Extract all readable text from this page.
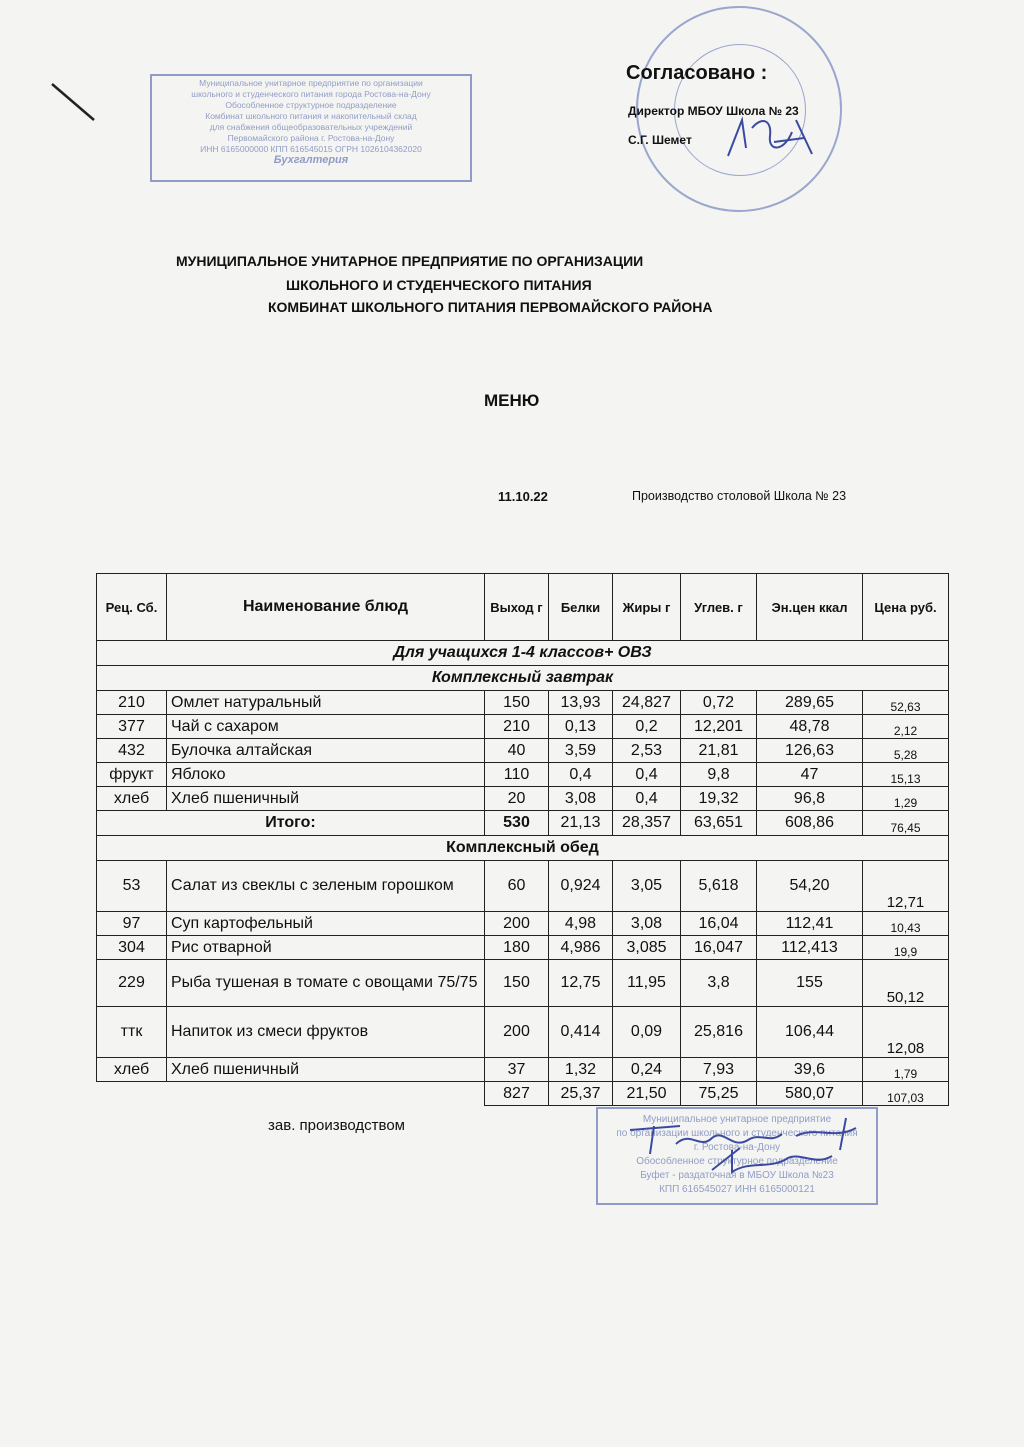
Муниципальное унитарное предприятие по организации
школьного и студенческого питания города Ростова-на-Дону
Обособленное структурное подразделение
Комбинат школьного питания и накопительный склад
для снабжения общеобразовательных учреждений
Первомайского района г. Ростова-на-Дону
ИНН 6165000000 КПП 616545015 ОГРН 1026104362020
Бухгалтерия
Согласовано :
Директор МБОУ Школа № 23
С.Г. Шемет
МУНИЦИПАЛЬНОЕ УНИТАРНОЕ ПРЕДПРИЯТИЕ ПО ОРГАНИЗАЦИИ
ШКОЛЬНОГО И СТУДЕНЧЕСКОГО ПИТАНИЯ
КОМБИНАТ ШКОЛЬНОГО ПИТАНИЯ ПЕРВОМАЙСКОГО РАЙОНА
МЕНЮ
11.10.22	Производство столовой Школа № 23
Рец. Сб.	Наименование блюд	Выход г	Белки	Жиры г	Углев. г	Эн.цен ккал	Цена руб.
Для учащихся 1-4 классов+ ОВЗ							
Комплексный завтрак							
210	Омлет натуральный	150	13,93	24,827	0,72	289,65	52,63
377	Чай с сахаром	210	0,13	0,2	12,201	48,78	2,12
432	Булочка алтайская	40	3,59	2,53	21,81	126,63	5,28
фрукт	Яблоко	110	0,4	0,4	9,8	47	15,13
хлеб	Хлеб пшеничный	20	3,08	0,4	19,32	96,8	1,29
Итого:		530	21,13	28,357	63,651	608,86	76,45
Комплексный обед							
53	Салат из свеклы с зеленым горошком	60	0,924	3,05	5,618	54,20	12,71
97	Суп картофельный	200	4,98	3,08	16,04	112,41	10,43
304	Рис отварной	180	4,986	3,085	16,047	112,413	19,9
229	Рыба тушеная в томате с овощами 75/75	150	12,75	11,95	3,8	155	50,12
ттк	Напиток из смеси фруктов	200	0,414	0,09	25,816	106,44	12,08
хлеб	Хлеб пшеничный	37	1,32	0,24	7,93	39,6	1,79
		827	25,37	21,50	75,25	580,07	107,03
зав. производством	Муниципальное унитарное предприятие
по организации школьного и студенческого питания
г. Ростова-на-Дону
Обособленное структурное подразделение
Буфет - раздаточная в МБОУ Школа №23
КПП 616545027 ИНН 6165000121
